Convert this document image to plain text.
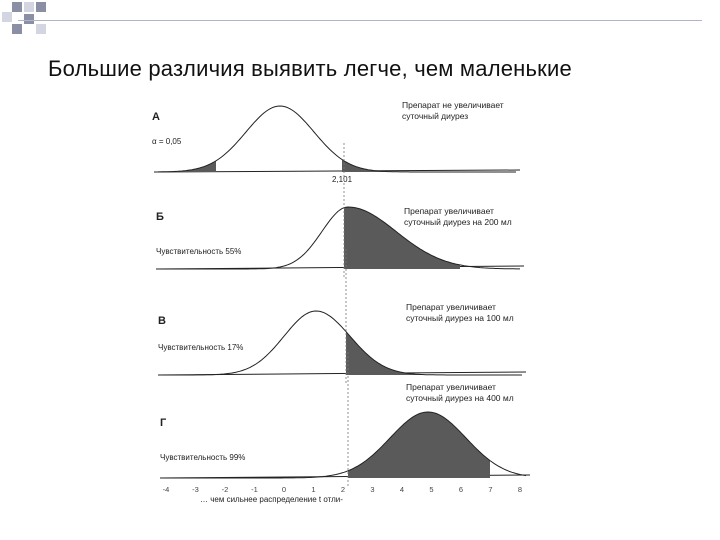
Большие различия выявить легче, чем маленькие
А
α = 0,05
Препарат не увеличивает
суточный диурез
2,101
Б
Чувствительность 55%
Препарат увеличивает
суточный диурез на 200 мл
В
Чувствительность 17%
Препарат увеличивает
суточный диурез на 100 мл
Г
Чувствительность 99%
Препарат увеличивает
суточный диурез на 400 мл
-4	-3	-2	-1	0	1	2	3	4	5	6	7	8
… чем сильнее распределение t отли-
